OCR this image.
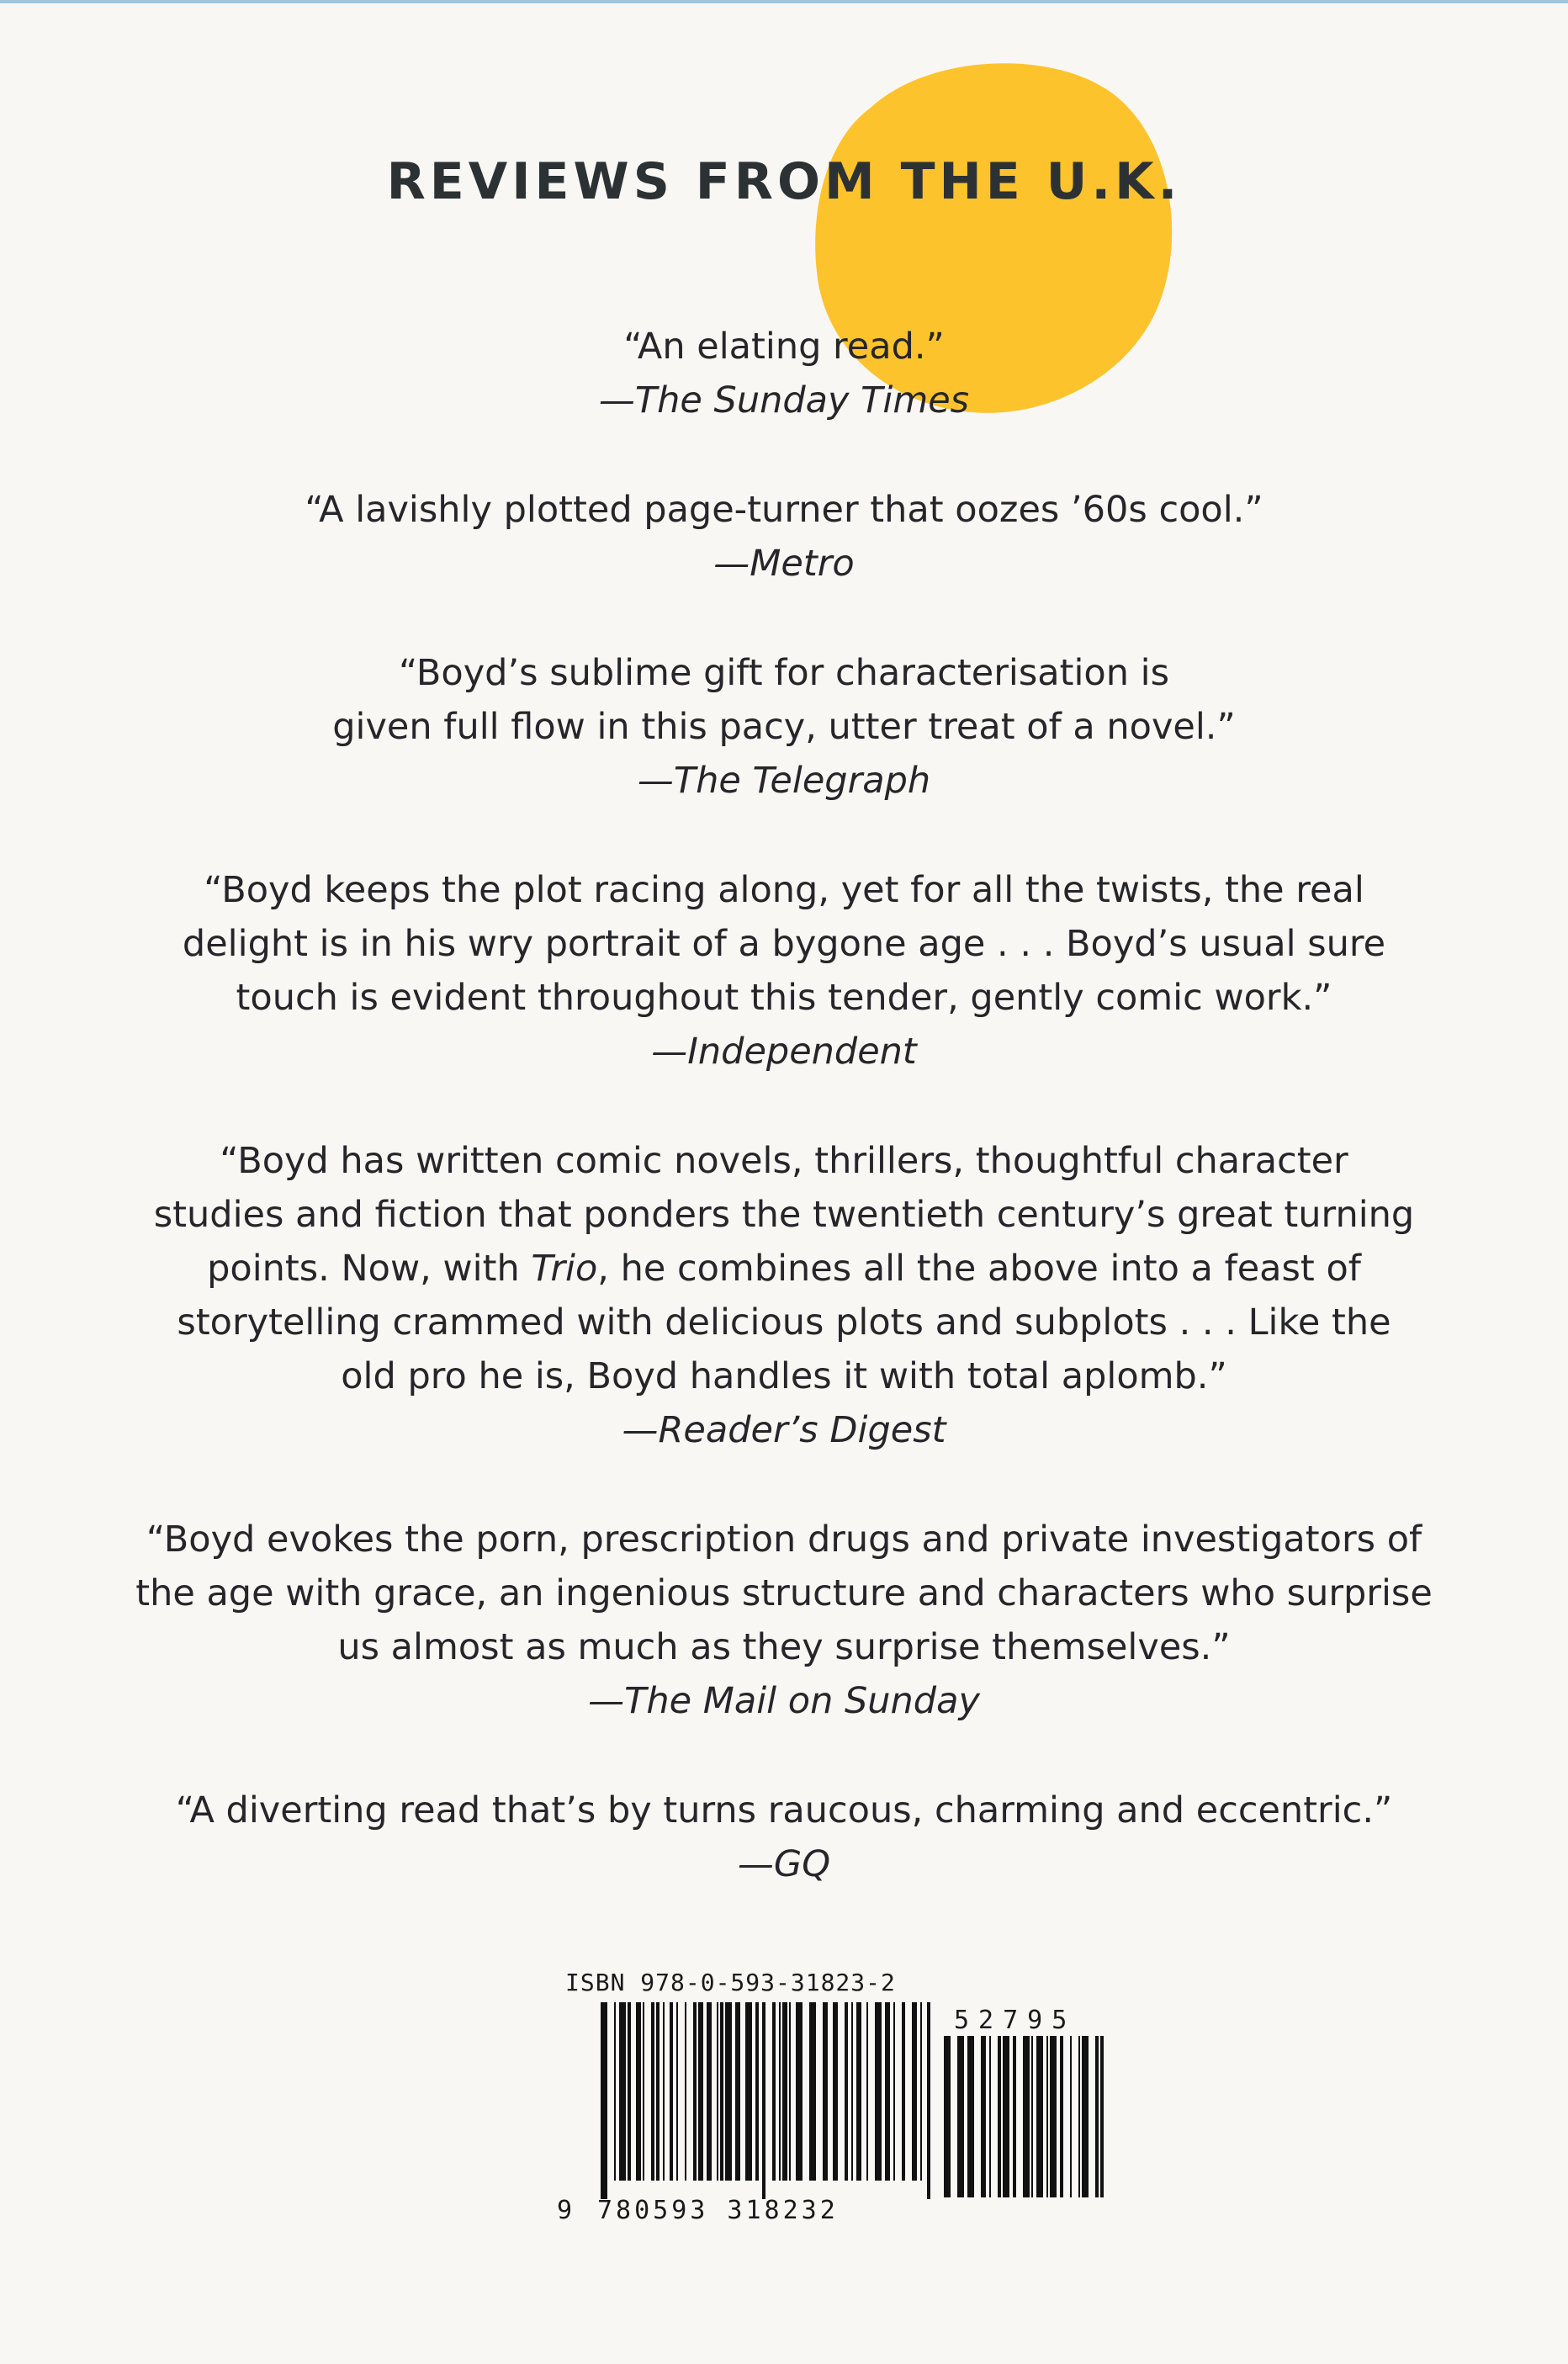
REVIEWS FROM THE U.K.
“An elating read.”
—The Sunday Times
“A lavishly plotted page-turner that oozes ’60s cool.”
—Metro
“Boyd’s sublime gift for characterisation is
given full flow in this pacy, utter treat of a novel.”
—The Telegraph
“Boyd keeps the plot racing along, yet for all the twists, the real
delight is in his wry portrait of a bygone age . . . Boyd’s usual sure
touch is evident throughout this tender, gently comic work.”
—Independent
“Boyd has written comic novels, thrillers, thoughtful character
studies and fiction that ponders the twentieth century’s great turning
points. Now, with Trio, he combines all the above into a feast of
storytelling crammed with delicious plots and subplots . . . Like the
old pro he is, Boyd handles it with total aplomb.”
—Reader’s Digest
“Boyd evokes the porn, prescription drugs and private investigators of
the age with grace, an ingenious structure and characters who surprise
us almost as much as they surprise themselves.”
—The Mail on Sunday
“A diverting read that’s by turns raucous, charming and eccentric.”
—GQ
ISBN 978-0-593-31823-2
9 780593 318232
52795
